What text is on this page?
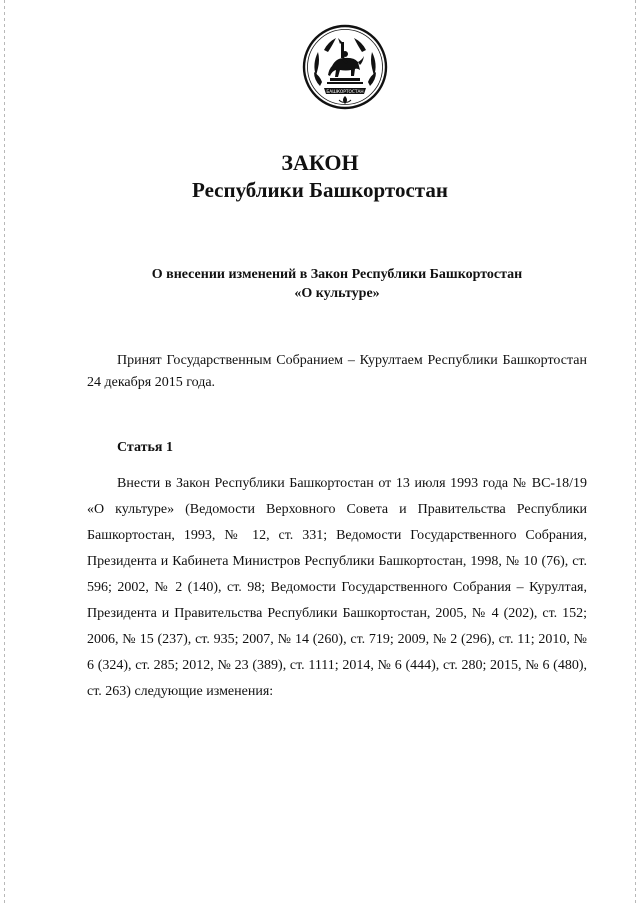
БАШКОРТОСТАН
ЗАКОН
Республики Башкортостан
О внесении изменений в Закон Республики Башкортостан
«О культуре»

Принят Государственным Собранием – Курултаем Республики Башкортостан 24 декабря 2015 года.

Статья 1

Внести в Закон Республики Башкортостан от 13 июля 1993 года № ВС-18/19 «О культуре» (Ведомости Верховного Совета и Правительства Республики Башкортостан, 1993, № 12, ст. 331; Ведомости Государственного Собрания, Президента и Кабинета Министров Республики Башкортостан, 1998, № 10 (76), ст. 596; 2002, № 2 (140), ст. 98; Ведомости Государственного Собрания – Курултая, Президента и Правительства Республики Башкортостан, 2005, № 4 (202), ст. 152; 2006, № 15 (237), ст. 935; 2007, № 14 (260), ст. 719; 2009, № 2 (296), ст. 11; 2010, № 6 (324), ст. 285; 2012, № 23 (389), ст. 1111; 2014, № 6 (444), ст. 280; 2015, № 6 (480), ст. 263) следующие изменения:
